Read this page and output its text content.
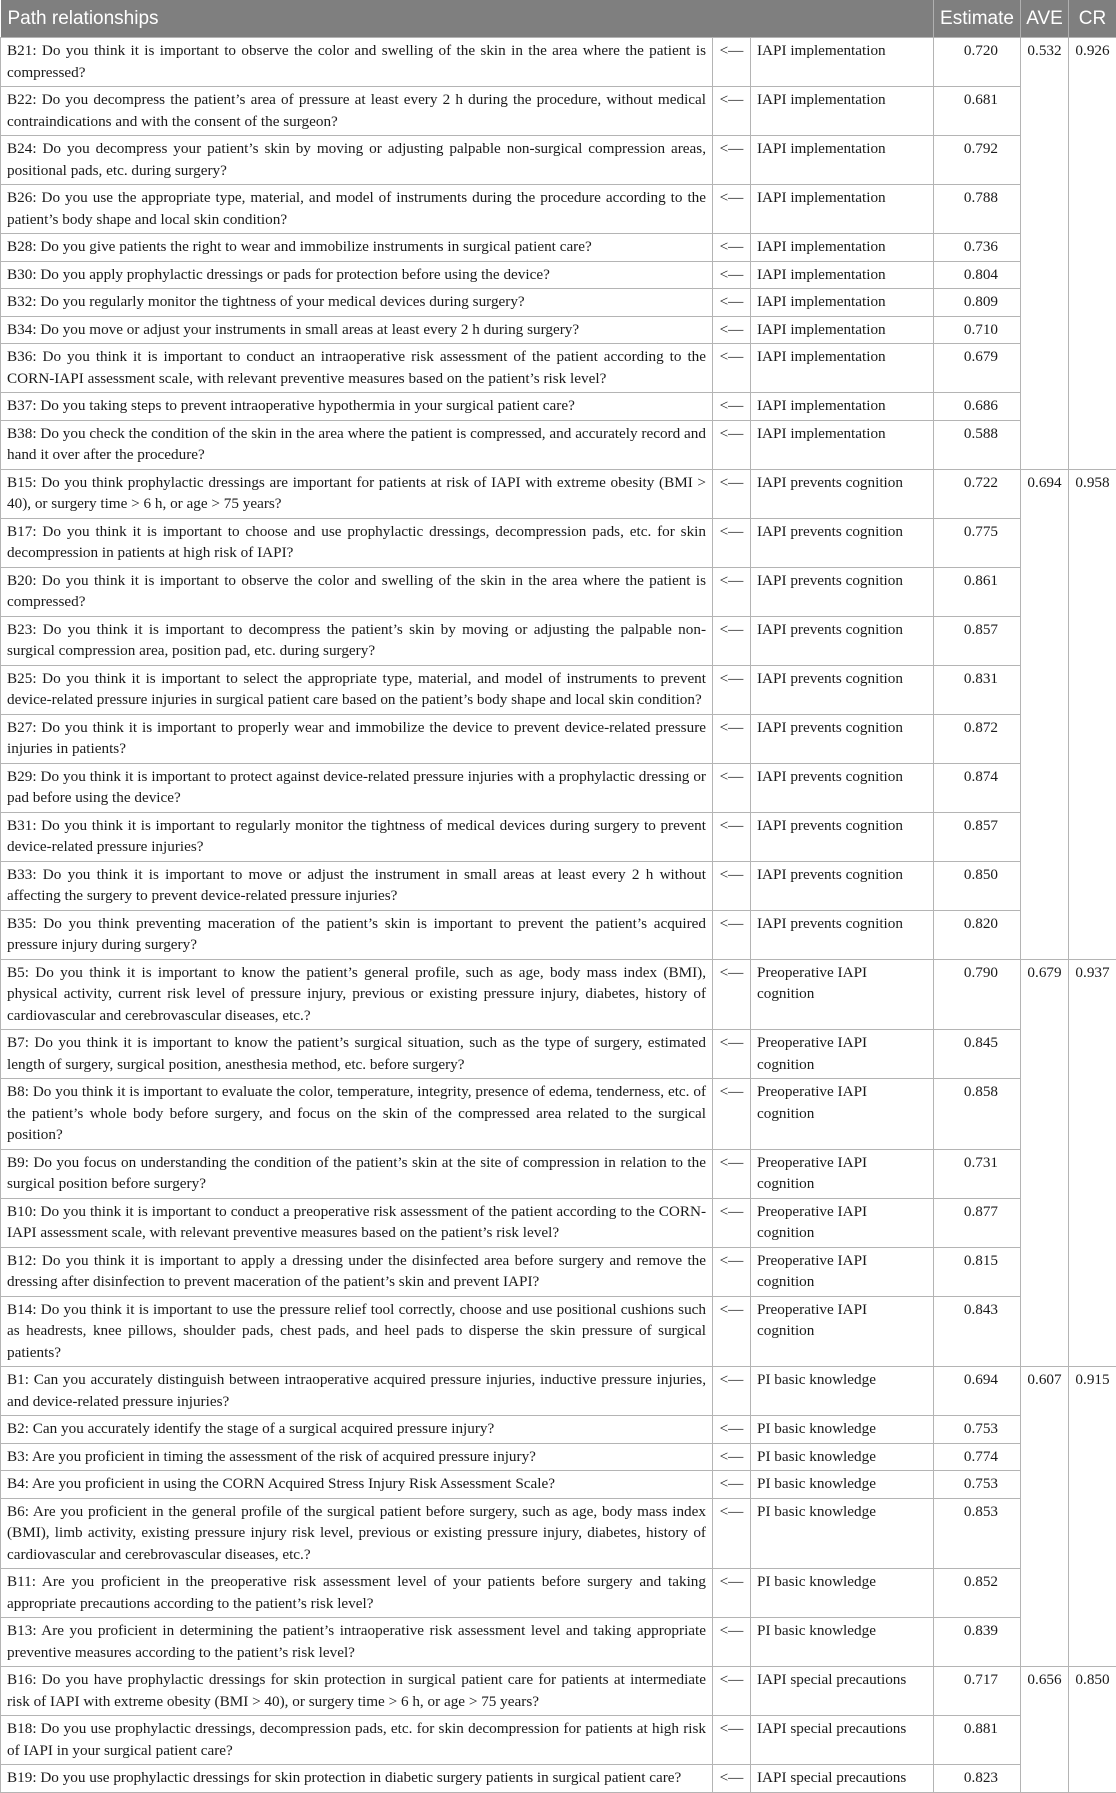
Path relationships			Estimate	AVE	CR
B21: Do you think it is important to observe the color and swelling of the skin in the area where the patient is compressed?	<—	IAPI implementation	0.720	0.532	0.926
B22: Do you decompress the patient’s area of pressure at least every 2 h during the procedure, without medical contraindications and with the consent of the surgeon?	<—	IAPI implementation	0.681		
B24: Do you decompress your patient’s skin by moving or adjusting palpable non-surgical compression areas, positional pads, etc. during surgery?	<—	IAPI implementation	0.792		
B26: Do you use the appropriate type, material, and model of instruments during the procedure according to the patient’s body shape and local skin condition?	<—	IAPI implementation	0.788		
B28: Do you give patients the right to wear and immobilize instruments in surgical patient care?	<—	IAPI implementation	0.736		
B30: Do you apply prophylactic dressings or pads for protection before using the device?	<—	IAPI implementation	0.804		
B32: Do you regularly monitor the tightness of your medical devices during surgery?	<—	IAPI implementation	0.809		
B34: Do you move or adjust your instruments in small areas at least every 2 h during surgery?	<—	IAPI implementation	0.710		
B36: Do you think it is important to conduct an intraoperative risk assessment of the patient according to the CORN-IAPI assessment scale, with relevant preventive measures based on the patient’s risk level?	<—	IAPI implementation	0.679		
B37: Do you taking steps to prevent intraoperative hypothermia in your surgical patient care?	<—	IAPI implementation	0.686		
B38: Do you check the condition of the skin in the area where the patient is compressed, and accurately record and hand it over after the procedure?	<—	IAPI implementation	0.588		
B15: Do you think prophylactic dressings are important for patients at risk of IAPI with extreme obesity (BMI > 40), or surgery time > 6 h, or age > 75 years?	<—	IAPI prevents cognition	0.722	0.694	0.958
B17: Do you think it is important to choose and use prophylactic dressings, decompression pads, etc. for skin decompression in patients at high risk of IAPI?	<—	IAPI prevents cognition	0.775		
B20: Do you think it is important to observe the color and swelling of the skin in the area where the patient is compressed?	<—	IAPI prevents cognition	0.861		
B23: Do you think it is important to decompress the patient’s skin by moving or adjusting the palpable non-surgical compression area, position pad, etc. during surgery?	<—	IAPI prevents cognition	0.857		
B25: Do you think it is important to select the appropriate type, material, and model of instruments to prevent device-related pressure injuries in surgical patient care based on the patient’s body shape and local skin condition?	<—	IAPI prevents cognition	0.831		
B27: Do you think it is important to properly wear and immobilize the device to prevent device-related pressure injuries in patients?	<—	IAPI prevents cognition	0.872		
B29: Do you think it is important to protect against device-related pressure injuries with a prophylactic dressing or pad before using the device?	<—	IAPI prevents cognition	0.874		
B31: Do you think it is important to regularly monitor the tightness of medical devices during surgery to prevent device-related pressure injuries?	<—	IAPI prevents cognition	0.857		
B33: Do you think it is important to move or adjust the instrument in small areas at least every 2 h without affecting the surgery to prevent device-related pressure injuries?	<—	IAPI prevents cognition	0.850		
B35: Do you think preventing maceration of the patient’s skin is important to prevent the patient’s acquired pressure injury during surgery?	<—	IAPI prevents cognition	0.820		
B5: Do you think it is important to know the patient’s general profile, such as age, body mass index (BMI), physical activity, current risk level of pressure injury, previous or existing pressure injury, diabetes, history of cardiovascular and cerebrovascular diseases, etc.?	<—	Preoperative IAPI cognition	0.790	0.679	0.937
B7: Do you think it is important to know the patient’s surgical situation, such as the type of surgery, estimated length of surgery, surgical position, anesthesia method, etc. before surgery?	<—	Preoperative IAPI cognition	0.845		
B8: Do you think it is important to evaluate the color, temperature, integrity, presence of edema, tenderness, etc. of the patient’s whole body before surgery, and focus on the skin of the compressed area related to the surgical position?	<—	Preoperative IAPI cognition	0.858		
B9: Do you focus on understanding the condition of the patient’s skin at the site of compression in relation to the surgical position before surgery?	<—	Preoperative IAPI cognition	0.731		
B10: Do you think it is important to conduct a preoperative risk assessment of the patient according to the CORN-IAPI assessment scale, with relevant preventive measures based on the patient’s risk level?	<—	Preoperative IAPI cognition	0.877		
B12: Do you think it is important to apply a dressing under the disinfected area before surgery and remove the dressing after disinfection to prevent maceration of the patient’s skin and prevent IAPI?	<—	Preoperative IAPI cognition	0.815		
B14: Do you think it is important to use the pressure relief tool correctly, choose and use positional cushions such as headrests, knee pillows, shoulder pads, chest pads, and heel pads to disperse the skin pressure of surgical patients?	<—	Preoperative IAPI cognition	0.843		
B1: Can you accurately distinguish between intraoperative acquired pressure injuries, inductive pressure injuries, and device-related pressure injuries?	<—	PI basic knowledge	0.694	0.607	0.915
B2: Can you accurately identify the stage of a surgical acquired pressure injury?	<—	PI basic knowledge	0.753		
B3: Are you proficient in timing the assessment of the risk of acquired pressure injury?	<—	PI basic knowledge	0.774		
B4: Are you proficient in using the CORN Acquired Stress Injury Risk Assessment Scale?	<—	PI basic knowledge	0.753		
B6: Are you proficient in the general profile of the surgical patient before surgery, such as age, body mass index (BMI), limb activity, existing pressure injury risk level, previous or existing pressure injury, diabetes, history of cardiovascular and cerebrovascular diseases, etc.?	<—	PI basic knowledge	0.853		
B11: Are you proficient in the preoperative risk assessment level of your patients before surgery and taking appropriate precautions according to the patient’s risk level?	<—	PI basic knowledge	0.852		
B13: Are you proficient in determining the patient’s intraoperative risk assessment level and taking appropriate preventive measures according to the patient’s risk level?	<—	PI basic knowledge	0.839		
B16: Do you have prophylactic dressings for skin protection in surgical patient care for patients at intermediate risk of IAPI with extreme obesity (BMI > 40), or surgery time > 6 h, or age > 75 years?	<—	IAPI special precautions	0.717	0.656	0.850
B18: Do you use prophylactic dressings, decompression pads, etc. for skin decompression for patients at high risk of IAPI in your surgical patient care?	<—	IAPI special precautions	0.881		
B19: Do you use prophylactic dressings for skin protection in diabetic surgery patients in surgical patient care?	<—	IAPI special precautions	0.823		
